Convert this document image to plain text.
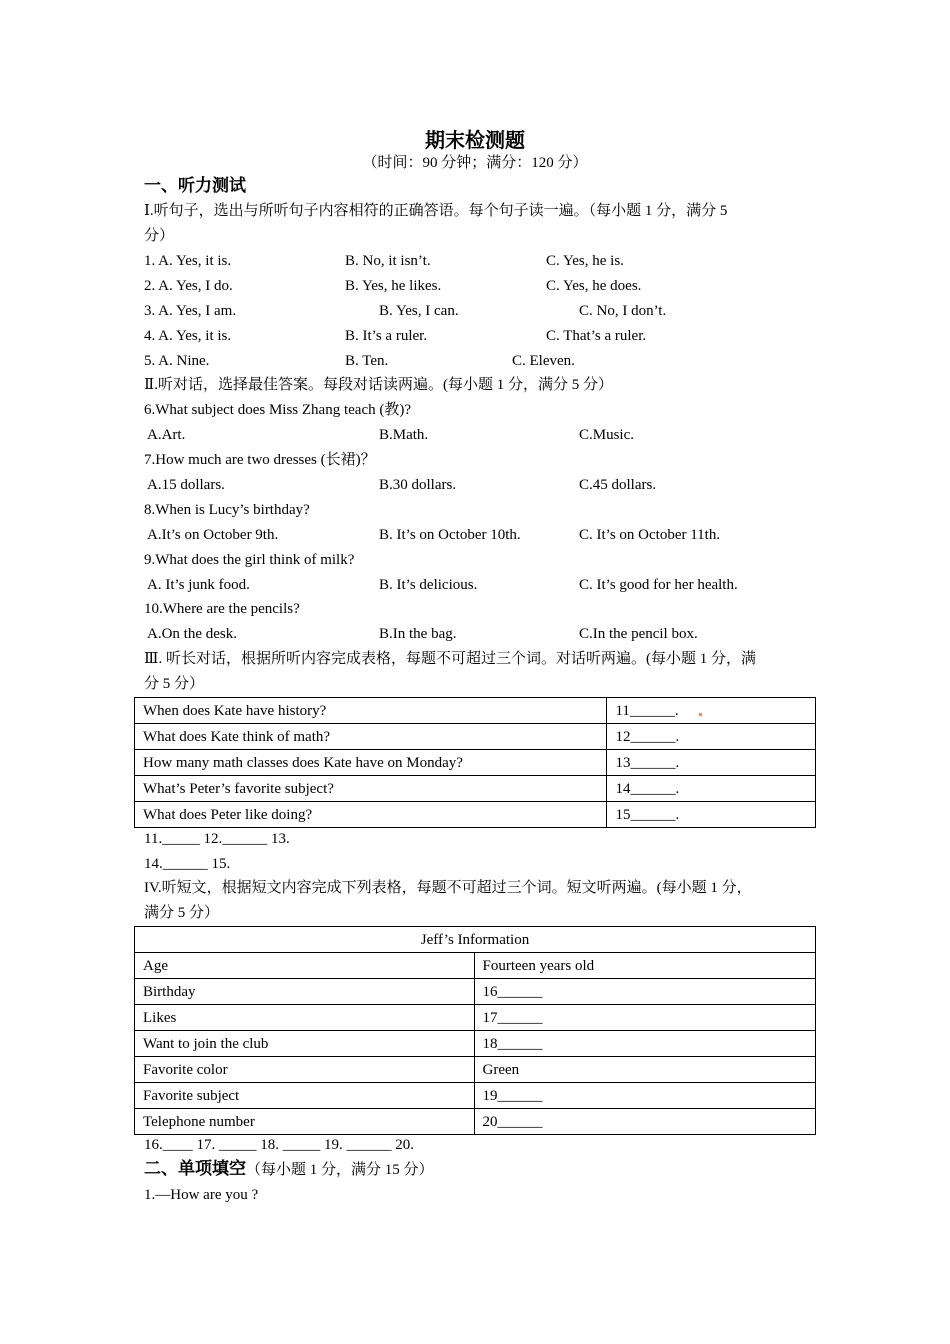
期末检测题
（时间：90 分钟；满分：120 分）
一、听力测试
Ⅰ.听句子，选出与所听句子内容相符的正确答语。每个句子读一遍。（每小题 1 分，满分 5
分）
1. A. Yes, it is.	B. No, it isn’t.	C. Yes, he is.
2. A. Yes, I do.	B. Yes, he likes.	C. Yes, he does.
3. A. Yes, I am.	B. Yes, I can.	C. No, I don’t.
4. A. Yes, it is.	B. It’s a ruler.	C. That’s a ruler.
5. A. Nine.	B. Ten.	C. Eleven.
Ⅱ.听对话，选择最佳答案。每段对话读两遍。(每小题 1 分，满分 5 分）
6.What subject does Miss Zhang teach (教)?
A.Art.	B.Math.	C.Music.
7.How much are two dresses (长裙)？
A.15 dollars.	B.30 dollars.	C.45 dollars.
8.When is Lucy’s birthday?
A.It’s on October 9th.	B. It’s on October 10th.	C. It’s on October 11th.
9.What does the girl think of milk?
A. It’s junk food.	B. It’s delicious.	C. It’s good for her health.
10.Where are the pencils?
A.On the desk.	B.In the bag.	C.In the pencil box.
Ⅲ. 听长对话，根据所听内容完成表格，每题不可超过三个词。对话听两遍。(每小题 1 分，满
分 5 分）
When does Kate have history?	11______.
What does Kate think of math?	12______.
How many math classes does Kate have on Monday?	13______.
What’s Peter’s favorite subject?	14______.
What does Peter like doing?	15______.
11._____ 12.______ 13.
14.______ 15.
IV.听短文，根据短文内容完成下列表格，每题不可超过三个词。短文听两遍。(每小题 1 分，
满分 5 分）
Jeff’s Information	
Age	Fourteen years old
Birthday	16______
Likes	17______
Want to join the club	18______
Favorite color	Green
Favorite subject	19______
Telephone number	20______
16.____ 17. _____ 18. _____ 19. ______ 20.
二、单项填空（每小题 1 分，满分 15 分）
1.—How are you ?
